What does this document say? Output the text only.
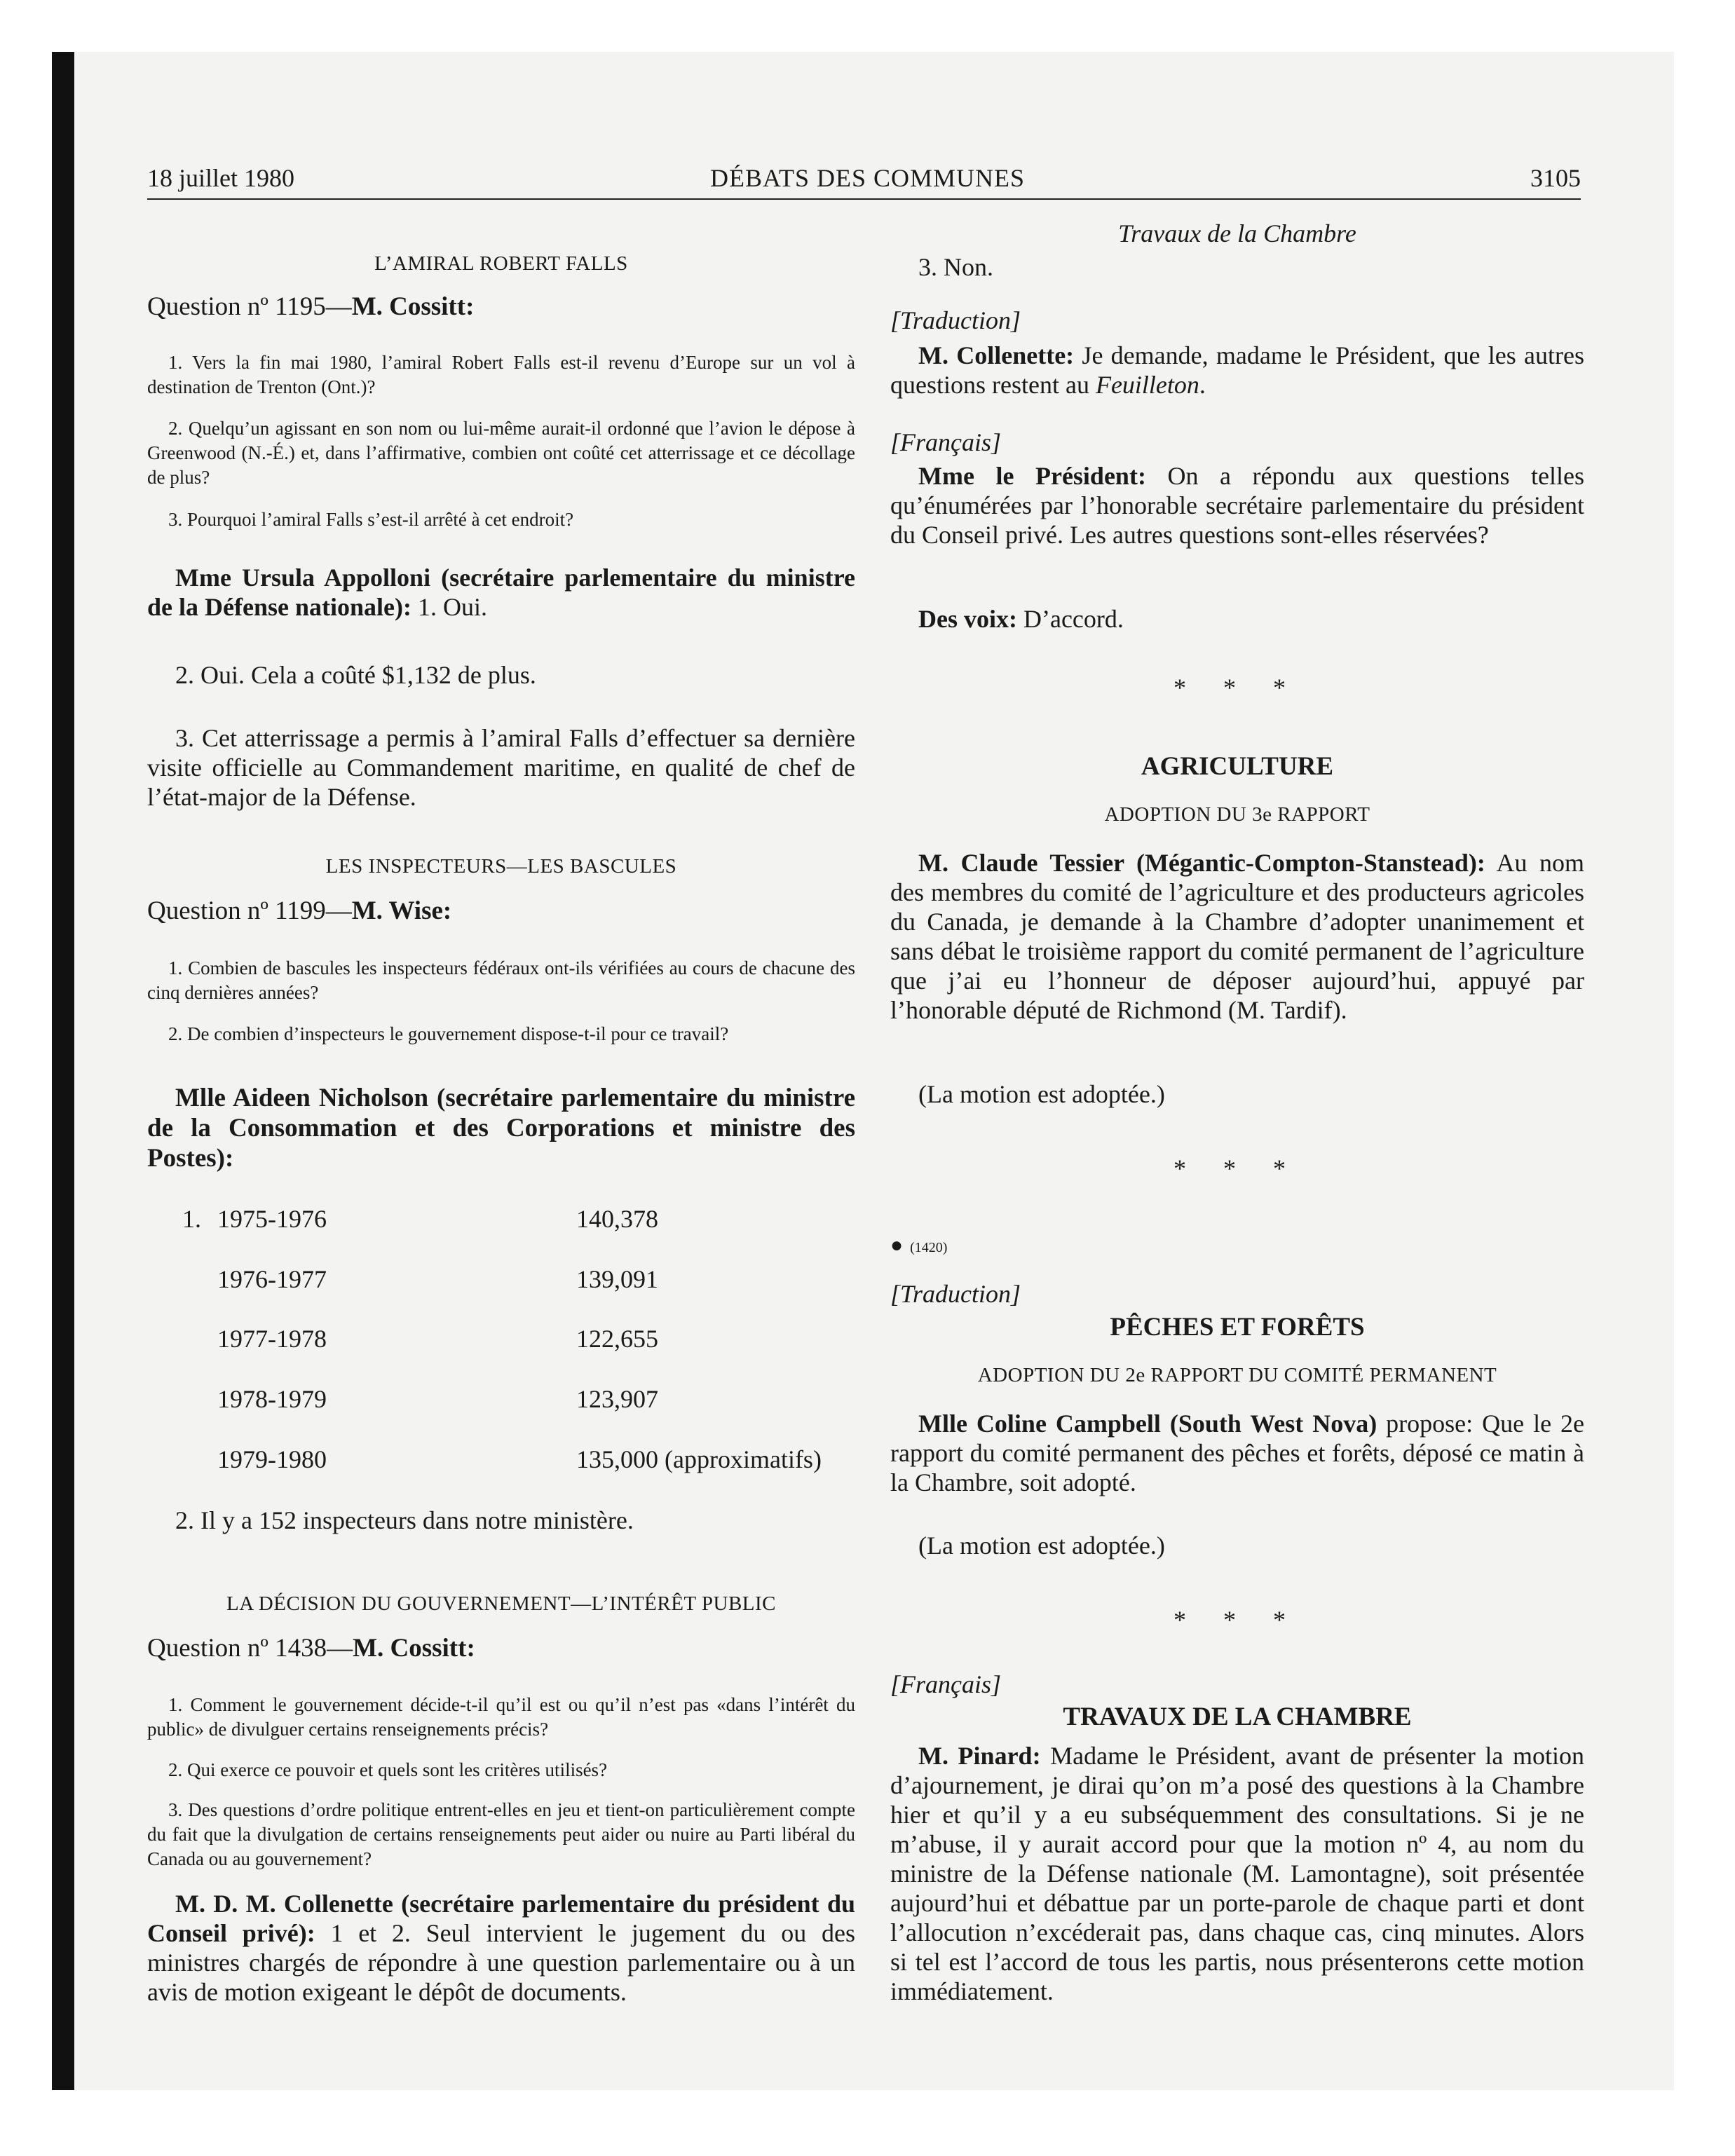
18 juillet 1980	DÉBATS DES COMMUNES	3105
Travaux de la Chambre
L’AMIRAL ROBERT FALLS
Question nº 1195—M. Cossitt:
1. Vers la fin mai 1980, l’amiral Robert Falls est-il revenu d’Europe sur un vol à destination de Trenton (Ont.)?
2. Quelqu’un agissant en son nom ou lui-même aurait-il ordonné que l’avion le dépose à Greenwood (N.-É.) et, dans l’affirmative, combien ont coûté cet atterrissage et ce décollage de plus?
3. Pourquoi l’amiral Falls s’est-il arrêté à cet endroit?
Mme Ursula Appolloni (secrétaire parlementaire du ministre de la Défense nationale): 1. Oui.
2. Oui. Cela a coûté $1,132 de plus.
3. Cet atterrissage a permis à l’amiral Falls d’effectuer sa dernière visite officielle au Commandement maritime, en qualité de chef de l’état-major de la Défense.
LES INSPECTEURS—LES BASCULES
Question nº 1199—M. Wise:
1. Combien de bascules les inspecteurs fédéraux ont-ils vérifiées au cours de chacune des cinq dernières années?
2. De combien d’inspecteurs le gouvernement dispose-t-il pour ce travail?
Mlle Aideen Nicholson (secrétaire parlementaire du ministre de la Consommation et des Corporations et ministre des Postes):
1. 1975-1976	140,378
1976-1977	139,091
1977-1978	122,655
1978-1979	123,907
1979-1980	135,000 (approximatifs)
2. Il y a 152 inspecteurs dans notre ministère.
LA DÉCISION DU GOUVERNEMENT—L’INTÉRÊT PUBLIC
Question nº 1438—M. Cossitt:
1. Comment le gouvernement décide-t-il qu’il est ou qu’il n’est pas «dans l’intérêt du public» de divulguer certains renseignements précis?
2. Qui exerce ce pouvoir et quels sont les critères utilisés?
3. Des questions d’ordre politique entrent-elles en jeu et tient-on particulièrement compte du fait que la divulgation de certains renseignements peut aider ou nuire au Parti libéral du Canada ou au gouvernement?
M. D. M. Collenette (secrétaire parlementaire du président du Conseil privé): 1 et 2. Seul intervient le jugement du ou des ministres chargés de répondre à une question parlementaire ou à un avis de motion exigeant le dépôt de documents.
3. Non.
[Traduction]
M. Collenette: Je demande, madame le Président, que les autres questions restent au Feuilleton.
[Français]
Mme le Président: On a répondu aux questions telles qu’énumérées par l’honorable secrétaire parlementaire du président du Conseil privé. Les autres questions sont-elles réservées?
Des voix: D’accord.
* * *
AGRICULTURE
ADOPTION DU 3e RAPPORT
M. Claude Tessier (Mégantic-Compton-Stanstead): Au nom des membres du comité de l’agriculture et des producteurs agricoles du Canada, je demande à la Chambre d’adopter unanimement et sans débat le troisième rapport du comité permanent de l’agriculture que j’ai eu l’honneur de déposer aujourd’hui, appuyé par l’honorable député de Richmond (M. Tardif).
(La motion est adoptée.)
* * *
● (1420)
[Traduction]
PÊCHES ET FORÊTS
ADOPTION DU 2e RAPPORT DU COMITÉ PERMANENT
Mlle Coline Campbell (South West Nova) propose: Que le 2e rapport du comité permanent des pêches et forêts, déposé ce matin à la Chambre, soit adopté.
(La motion est adoptée.)
* * *
[Français]
TRAVAUX DE LA CHAMBRE
M. Pinard: Madame le Président, avant de présenter la motion d’ajournement, je dirai qu’on m’a posé des questions à la Chambre hier et qu’il y a eu subséquemment des consultations. Si je ne m’abuse, il y aurait accord pour que la motion nº 4, au nom du ministre de la Défense nationale (M. Lamontagne), soit présentée aujourd’hui et débattue par un porte-parole de chaque parti et dont l’allocution n’excéderait pas, dans chaque cas, cinq minutes. Alors si tel est l’accord de tous les partis, nous présenterons cette motion immédiatement.
